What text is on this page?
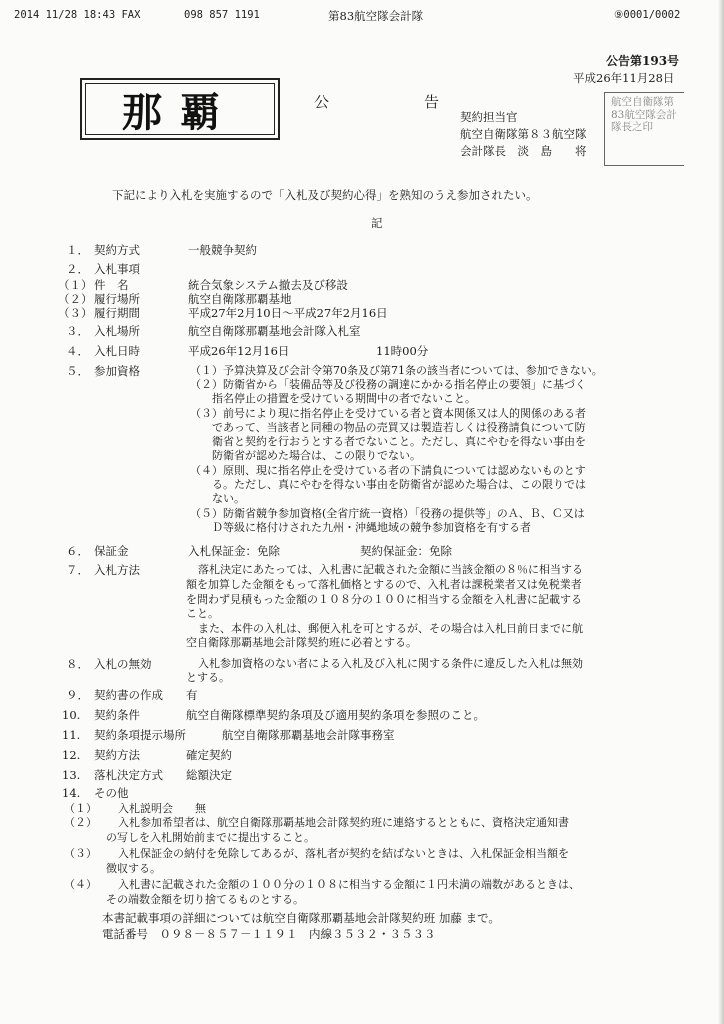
2014 11/28 18:43 FAX	098 857 1191	第83航空隊会計隊	⑨0001/0002
公告第193号
平成26年11月28日
那覇	公	告
契約担当官
航空自衛隊第８３航空隊
会計隊長　淡　島　　将
航空自衛隊第83航空隊会計隊長之印
下記により入札を実施するので「入札及び契約心得」を熟知のうえ参加されたい。
記
１． 契約方式	一般競争契約
２． 入札事項
（１） 件　名	統合気象システム撤去及び移設
（２） 履行場所	航空自衛隊那覇基地
（３） 履行期間	平成27年2月10日～平成27年2月16日
３． 入札場所	航空自衛隊那覇基地会計隊入札室
４． 入札日時	平成26年12月16日	11時00分
５． 参加資格	（１）予算決算及び会計令第70条及び第71条の該当者については、参加できない。
（２）防衛省から「装備品等及び役務の調達にかかる指名停止の要領」に基づく
指名停止の措置を受けている期間中の者でないこと。
（３）前号により現に指名停止を受けている者と資本関係又は人的関係のある者
であって、当該者と同種の物品の売買又は製造若しくは役務請負について防
衛省と契約を行おうとする者でないこと。ただし、真にやむを得ない事由を
防衛省が認めた場合は、この限りでない。
（４）原則、現に指名停止を受けている者の下請負については認めないものとす
る。ただし、真にやむを得ない事由を防衛省が認めた場合は、この限りでは
ない。
（５）防衛省競争参加資格(全省庁統一資格）「役務の提供等」のＡ、Ｂ、Ｃ又は
Ｄ等級に格付けされた九州・沖縄地域の競争参加資格を有する者
６． 保証金	入札保証金：免除	契約保証金：免除
７． 入札方法	落札決定にあたっては、入札書に記載された金額に当該金額の８％に相当する
額を加算した金額をもって落札価格とするので、入札者は課税業者又は免税業者
を問わず見積もった金額の１０８分の１００に相当する金額を入札書に記載する
こと。
また、本件の入札は、郵便入札を可とするが、その場合は入札日前日までに航
空自衛隊那覇基地会計隊契約班に必着とする。
８． 入札の無効	入札参加資格のない者による入札及び入札に関する条件に違反した入札は無効
とする。
９． 契約書の作成 有
10. 契約条件	航空自衛隊標準契約条項及び適用契約条項を参照のこと。
11. 契約条項提示場所	航空自衛隊那覇基地会計隊事務室
12. 契約方法	確定契約
13. 落札決定方式 総額決定
14. その他
（１） 入札説明会　　無
（２） 入札参加希望者は、航空自衛隊那覇基地会計隊契約班に連絡するとともに、資格決定通知書
の写しを入札開始前までに提出すること。
（３） 入札保証金の納付を免除してあるが、落札者が契約を結ばないときは、入札保証金相当額を
徴収する。
（４） 入札書に記載された金額の１００分の１０８に相当する金額に１円未満の端数があるときは、
その端数金額を切り捨てるものとする。
本書記載事項の詳細については航空自衛隊那覇基地会計隊契約班 加藤 まで。
電話番号　０９８－８５７－１１９１　内線３５３２・３５３３
